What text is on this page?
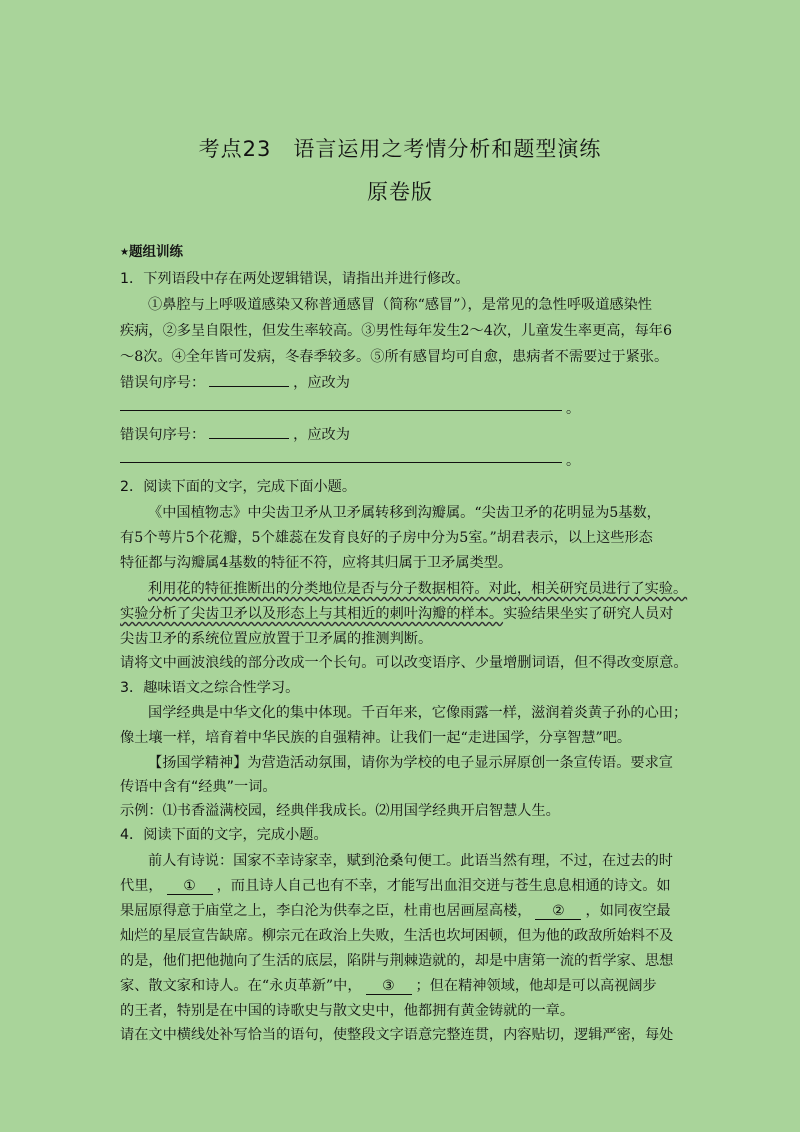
考点23　语言运用之考情分析和题型演练
原卷版
★题组训练
1．下列语段中存在两处逻辑错误，请指出并进行修改。
①鼻腔与上呼吸道感染又称普通感冒（简称“感冒”），是常见的急性呼吸道感染性
疾病，②多呈自限性，但发生率较高。③男性每年发生2～4次，儿童发生率更高，每年6
～8次。④全年皆可发病，冬春季较多。⑤所有感冒均可自愈，患病者不需要过于紧张。
错误句序号：	，应改为
。
错误句序号：	，应改为
。
2．阅读下面的文字，完成下面小题。
《中国植物志》中尖齿卫矛从卫矛属转移到沟瓣属。“尖齿卫矛的花明显为5基数，
有5个萼片5个花瓣，5个雄蕊在发育良好的子房中分为5室。”胡君表示，以上这些形态
特征都与沟瓣属4基数的特征不符，应将其归属于卫矛属类型。
利用花的特征推断出的分类地位是否与分子数据相符。对此，相关研究员进行了实验。
实验分析了尖齿卫矛以及形态上与其相近的刺叶沟瓣的样本。实验结果坐实了研究人员对
尖齿卫矛的系统位置应放置于卫矛属的推测判断。
请将文中画波浪线的部分改成一个长句。可以改变语序、少量增删词语，但不得改变原意。
3．趣味语文之综合性学习。
国学经典是中华文化的集中体现。千百年来，它像雨露一样，滋润着炎黄子孙的心田；
像土壤一样，培育着中华民族的自强精神。让我们一起“走进国学，分享智慧”吧。
【扬国学精神】为营造活动氛围，请你为学校的电子显示屏原创一条宣传语。要求宣
传语中含有“经典”一词。
示例：⑴书香溢满校园，经典伴我成长。⑵用国学经典开启智慧人生。
4．阅读下面的文字，完成小题。
前人有诗说：国家不幸诗家幸，赋到沧桑句便工。此语当然有理，不过，在过去的时
代里， ① ，而且诗人自己也有不幸，才能写出血泪交迸与苍生息息相通的诗文。如
果屈原得意于庙堂之上，李白沦为供奉之臣，杜甫也居画屋高楼， ② ，如同夜空最
灿烂的星辰宣告缺席。柳宗元在政治上失败，生活也坎坷困顿，但为他的政敌所始料不及
的是，他们把他抛向了生活的底层，陷阱与荆棘造就的，却是中唐第一流的哲学家、思想
家、散文家和诗人。在“永贞革新”中， ③ ；但在精神领域，他却是可以高视阔步
的王者，特别是在中国的诗歌史与散文史中，他都拥有黄金铸就的一章。
请在文中横线处补写恰当的语句，使整段文字语意完整连贯，内容贴切，逻辑严密，每处
